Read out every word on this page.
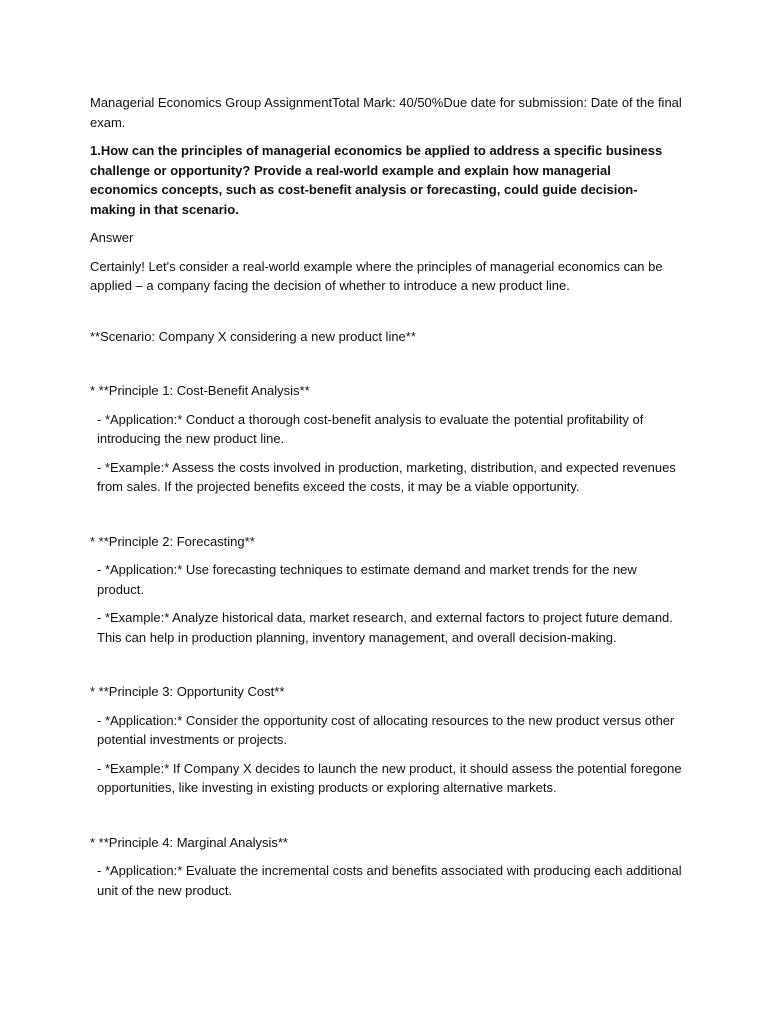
Managerial Economics Group AssignmentTotal Mark: 40/50%Due date for submission: Date of the final exam.

1.How can the principles of managerial economics be applied to address a specific business challenge or opportunity? Provide a real-world example and explain how managerial economics concepts, such as cost-benefit analysis or forecasting, could guide decision-making in that scenario.

Answer

Certainly! Let's consider a real-world example where the principles of managerial economics can be applied – a company facing the decision of whether to introduce a new product line.

**Scenario: Company X considering a new product line**

* **Principle 1: Cost-Benefit Analysis**

- *Application:* Conduct a thorough cost-benefit analysis to evaluate the potential profitability of introducing the new product line.

- *Example:* Assess the costs involved in production, marketing, distribution, and expected revenues from sales. If the projected benefits exceed the costs, it may be a viable opportunity.

* **Principle 2: Forecasting**

- *Application:* Use forecasting techniques to estimate demand and market trends for the new product.

- *Example:* Analyze historical data, market research, and external factors to project future demand. This can help in production planning, inventory management, and overall decision-making.

* **Principle 3: Opportunity Cost**

- *Application:* Consider the opportunity cost of allocating resources to the new product versus other potential investments or projects.

- *Example:* If Company X decides to launch the new product, it should assess the potential foregone opportunities, like investing in existing products or exploring alternative markets.

* **Principle 4: Marginal Analysis**

- *Application:* Evaluate the incremental costs and benefits associated with producing each additional unit of the new product.
